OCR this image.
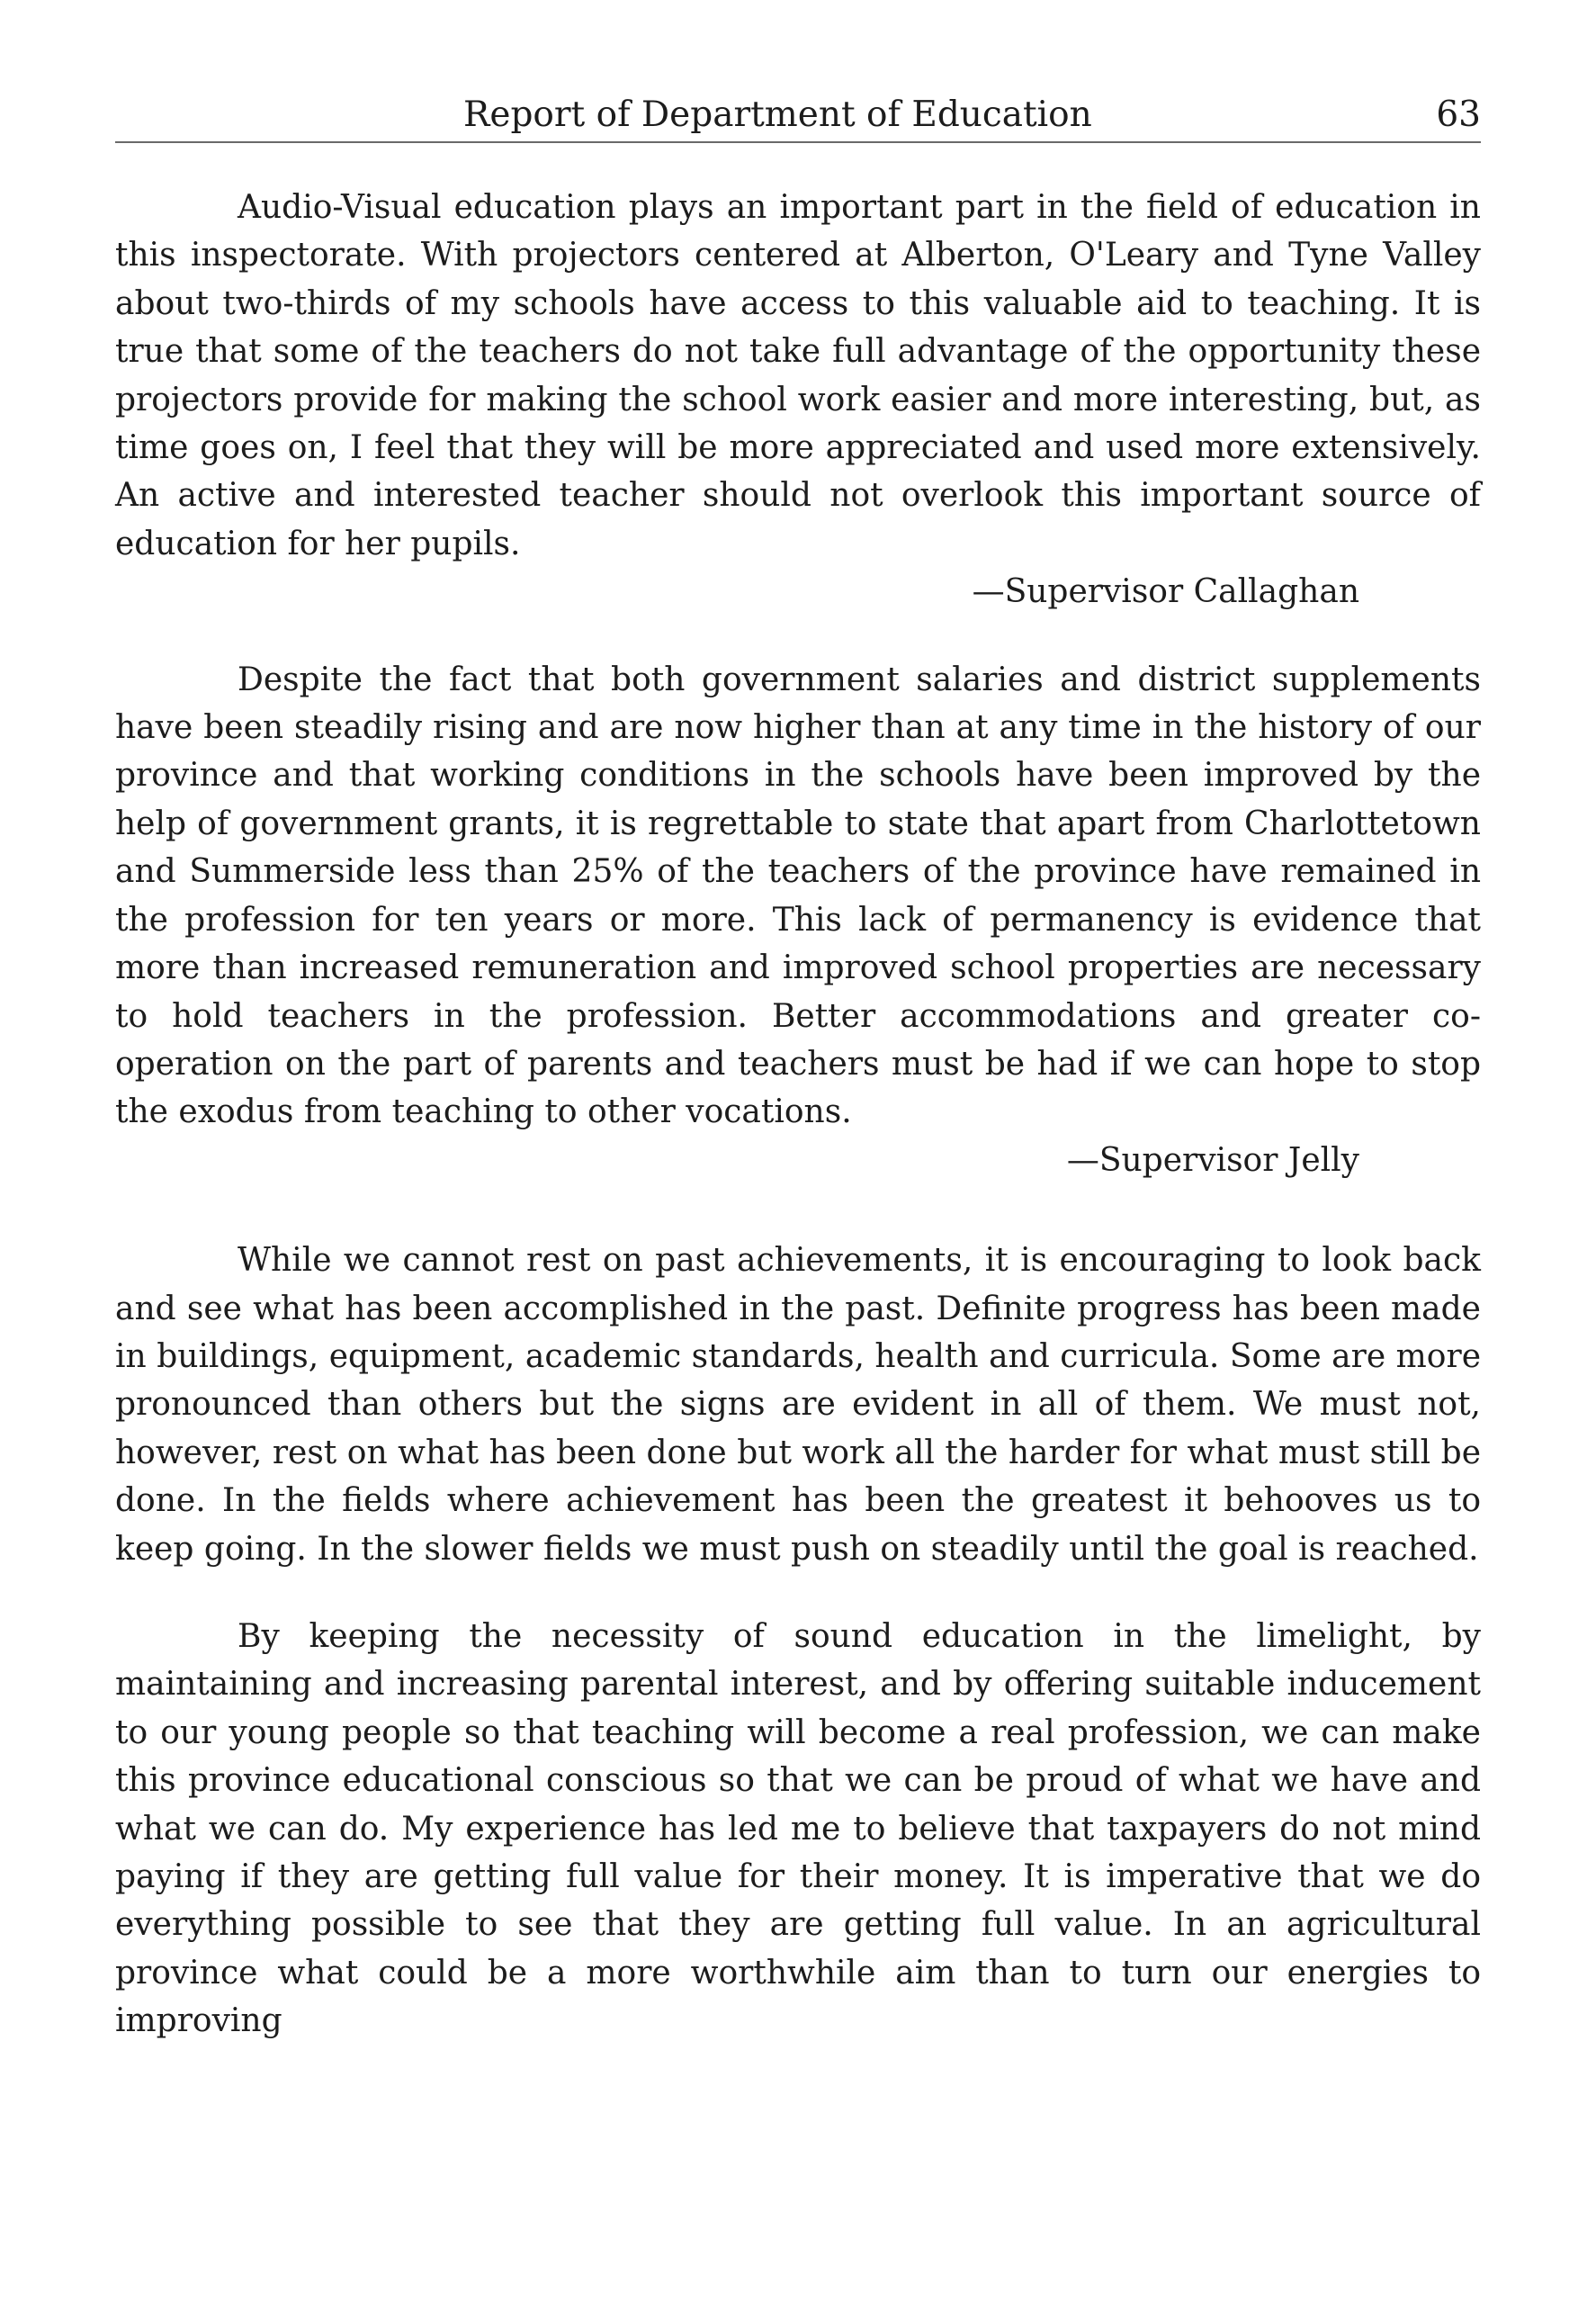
Report of Department of Education	63

Audio-Visual education plays an important part in the field of education in this inspectorate. With projectors centered at Alberton, O'Leary and Tyne Valley about two-thirds of my schools have access to this valuable aid to teaching. It is true that some of the teachers do not take full advantage of the opportunity these projectors provide for making the school work easier and more interesting, but, as time goes on, I feel that they will be more appreciated and used more extensively. An active and interested teacher should not overlook this important source of education for her pupils.

—Supervisor Callaghan

Despite the fact that both government salaries and district supplements have been steadily rising and are now higher than at any time in the history of our province and that working conditions in the schools have been improved by the help of government grants, it is regrettable to state that apart from Charlottetown and Summerside less than 25% of the teachers of the province have remained in the profession for ten years or more. This lack of permanency is evidence that more than increased remuneration and improved school properties are necessary to hold teachers in the profession. Better accommodations and greater co-operation on the part of parents and teachers must be had if we can hope to stop the exodus from teaching to other vocations.

—Supervisor Jelly

While we cannot rest on past achievements, it is encouraging to look back and see what has been accomplished in the past. Definite progress has been made in buildings, equipment, academic standards, health and curricula. Some are more pronounced than others but the signs are evident in all of them. We must not, however, rest on what has been done but work all the harder for what must still be done. In the fields where achievement has been the greatest it behooves us to keep going. In the slower fields we must push on steadily until the goal is reached.

By keeping the necessity of sound education in the limelight, by maintaining and increasing parental interest, and by offering suitable inducement to our young people so that teaching will become a real profession, we can make this province educational conscious so that we can be proud of what we have and what we can do. My experience has led me to believe that taxpayers do not mind paying if they are getting full value for their money. It is imperative that we do everything possible to see that they are getting full value. In an agricultural province what could be a more worthwhile aim than to turn our energies to improving
